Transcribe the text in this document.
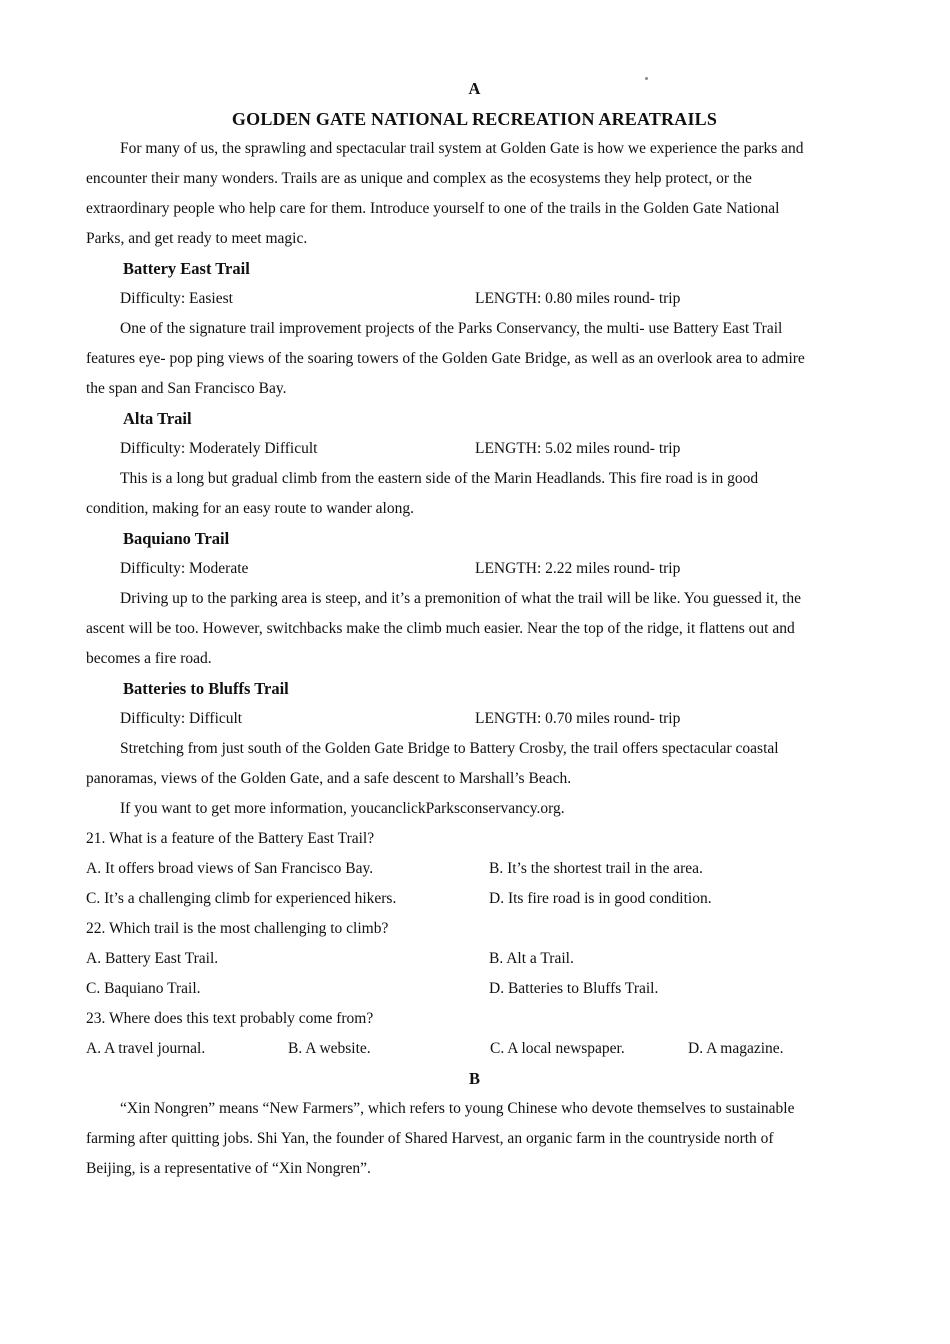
A
GOLDEN GATE NATIONAL RECREATION AREATRAILS
For many of us, the sprawling and spectacular trail system at Golden Gate is how we experience the parks and
encounter their many wonders. Trails are as unique and complex as the ecosystems they help protect, or the
extraordinary people who help care for them. Introduce yourself to one of the trails in the Golden Gate National
Parks, and get ready to meet magic.
Battery East Trail
Difficulty: Easiest	LENGTH: 0.80 miles round- trip
One of the signature trail improvement projects of the Parks Conservancy, the multi- use Battery East Trail
features eye- pop ping views of the soaring towers of the Golden Gate Bridge, as well as an overlook area to admire
the span and San Francisco Bay.
Alta Trail
Difficulty: Moderately Difficult	LENGTH: 5.02 miles round- trip
This is a long but gradual climb from the eastern side of the Marin Headlands. This fire road is in good
condition, making for an easy route to wander along.
Baquiano Trail
Difficulty: Moderate	LENGTH: 2.22 miles round- trip
Driving up to the parking area is steep, and it’s a premonition of what the trail will be like. You guessed it, the
ascent will be too. However, switchbacks make the climb much easier. Near the top of the ridge, it flattens out and
becomes a fire road.
Batteries to Bluffs Trail
Difficulty: Difficult	LENGTH: 0.70 miles round- trip
Stretching from just south of the Golden Gate Bridge to Battery Crosby, the trail offers spectacular coastal
panoramas, views of the Golden Gate, and a safe descent to Marshall’s Beach.
If you want to get more information, youcanclickParksconservancy.org.
21. What is a feature of the Battery East Trail?
A. It offers broad views of San Francisco Bay.	B. It’s the shortest trail in the area.
C. It’s a challenging climb for experienced hikers.	D. Its fire road is in good condition.
22. Which trail is the most challenging to climb?
A. Battery East Trail.	B. Alt a Trail.
C. Baquiano Trail.	D. Batteries to Bluffs Trail.
23. Where does this text probably come from?
A. A travel journal.	B. A website.	C. A local newspaper.	D. A magazine.
B
“Xin Nongren” means “New Farmers”, which refers to young Chinese who devote themselves to sustainable
farming after quitting jobs. Shi Yan, the founder of Shared Harvest, an organic farm in the countryside north of
Beijing, is a representative of “Xin Nongren”.
